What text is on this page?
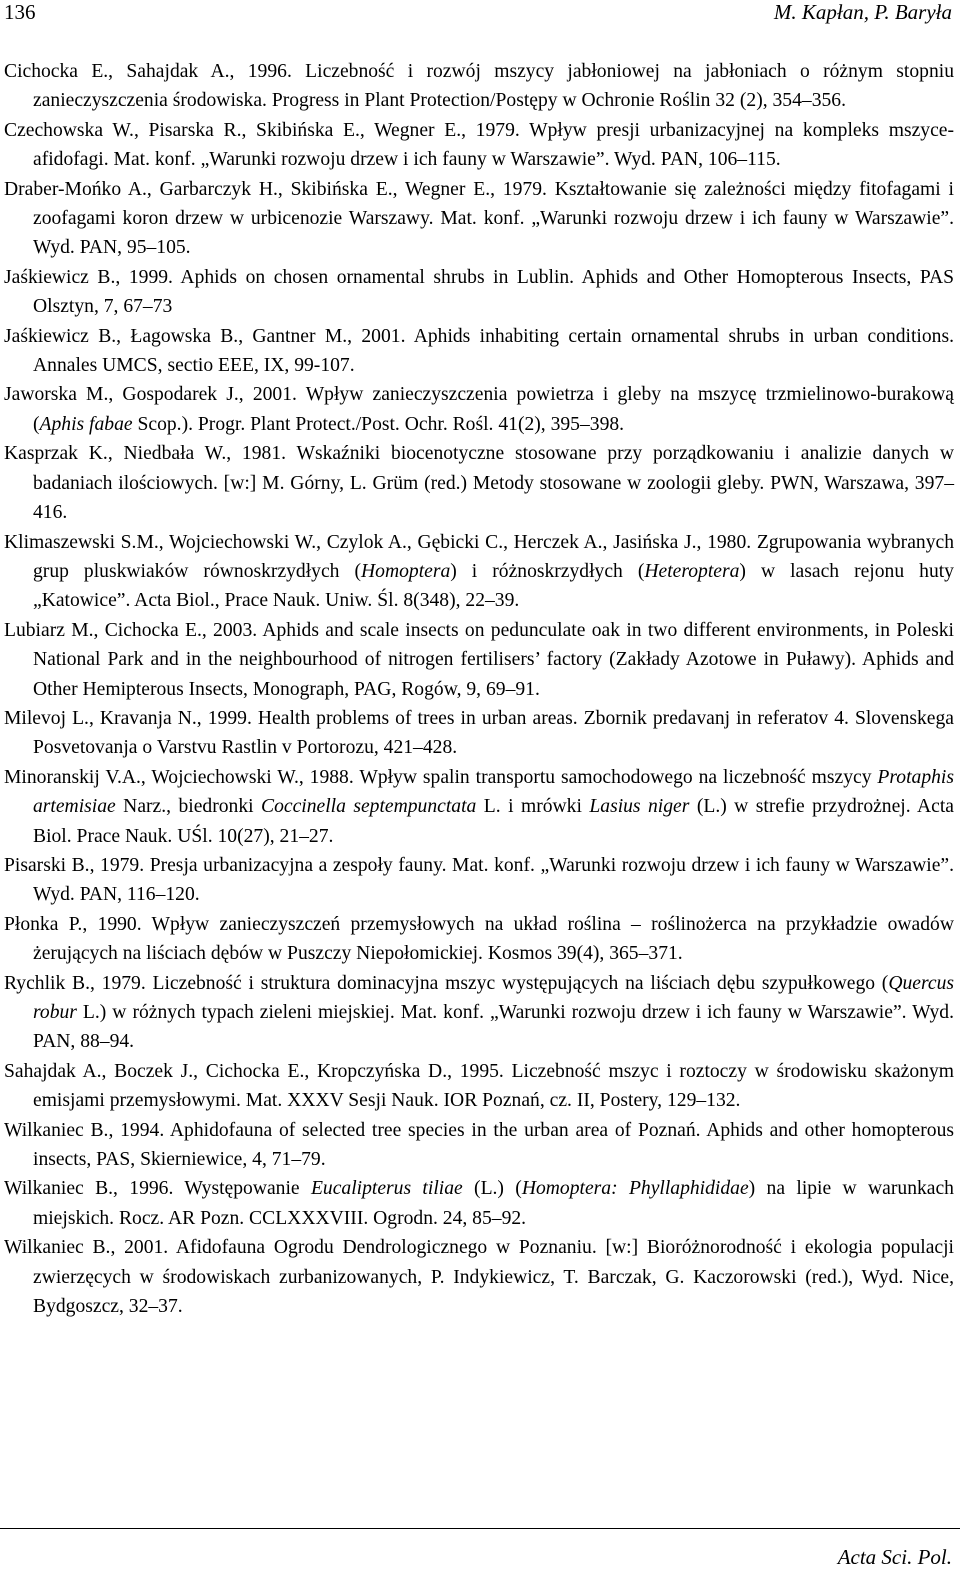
136	M. Kapłan, P. Baryła

Cichocka E., Sahajdak A., 1996. Liczebność i rozwój mszycy jabłoniowej na jabłoniach o różnym stopniu zanieczyszczenia środowiska. Progress in Plant Protection/Postępy w Ochronie Roślin 32 (2), 354–356.

Czechowska W., Pisarska R., Skibińska E., Wegner E., 1979. Wpływ presji urbanizacyjnej na kompleks mszyce-afidofagi. Mat. konf. „Warunki rozwoju drzew i ich fauny w Warszawie”. Wyd. PAN, 106–115.

Draber-Mońko A., Garbarczyk H., Skibińska E., Wegner E., 1979. Kształtowanie się zależności między fitofagami i zoofagami koron drzew w urbicenozie Warszawy. Mat. konf. „Warunki rozwoju drzew i ich fauny w Warszawie”. Wyd. PAN, 95–105.

Jaśkiewicz B., 1999. Aphids on chosen ornamental shrubs in Lublin. Aphids and Other Homopterous Insects, PAS Olsztyn, 7, 67–73

Jaśkiewicz B., Łagowska B., Gantner M., 2001. Aphids inhabiting certain ornamental shrubs in urban conditions. Annales UMCS, sectio EEE, IX, 99-107.

Jaworska M., Gospodarek J., 2001. Wpływ zanieczyszczenia powietrza i gleby na mszycę trzmielinowo-burakową (Aphis fabae Scop.). Progr. Plant Protect./Post. Ochr. Rośl. 41(2), 395–398.

Kasprzak K., Niedbała W., 1981. Wskaźniki biocenotyczne stosowane przy porządkowaniu i analizie danych w badaniach ilościowych. [w:] M. Górny, L. Grüm (red.) Metody stosowane w zoologii gleby. PWN, Warszawa, 397–416.

Klimaszewski S.M., Wojciechowski W., Czylok A., Gębicki C., Herczek A., Jasińska J., 1980. Zgrupowania wybranych grup pluskwiaków równoskrzydłych (Homoptera) i różnoskrzydłych (Heteroptera) w lasach rejonu huty „Katowice”. Acta Biol., Prace Nauk. Uniw. Śl. 8(348), 22–39.

Lubiarz M., Cichocka E., 2003. Aphids and scale insects on pedunculate oak in two different environments, in Poleski National Park and in the neighbourhood of nitrogen fertilisers’ factory (Zakłady Azotowe in Puławy). Aphids and Other Hemipterous Insects, Monograph, PAG, Rogów, 9, 69–91.

Milevoj L., Kravanja N., 1999. Health problems of trees in urban areas. Zbornik predavanj in referatov 4. Slovenskega Posvetovanja o Varstvu Rastlin v Portorozu, 421–428.

Minoranskij V.A., Wojciechowski W., 1988. Wpływ spalin transportu samochodowego na liczebność mszycy Protaphis artemisiae Narz., biedronki Coccinella septempunctata L. i mrówki Lasius niger (L.) w strefie przydrożnej. Acta Biol. Prace Nauk. UŚl. 10(27), 21–27.

Pisarski B., 1979. Presja urbanizacyjna a zespoły fauny. Mat. konf. „Warunki rozwoju drzew i ich fauny w Warszawie”. Wyd. PAN, 116–120.

Płonka P., 1990. Wpływ zanieczyszczeń przemysłowych na układ roślina – roślinożerca na przykładzie owadów żerujących na liściach dębów w Puszczy Niepołomickiej. Kosmos 39(4), 365–371.

Rychlik B., 1979. Liczebność i struktura dominacyjna mszyc występujących na liściach dębu szypułkowego (Quercus robur L.) w różnych typach zieleni miejskiej. Mat. konf. „Warunki rozwoju drzew i ich fauny w Warszawie”. Wyd. PAN, 88–94.

Sahajdak A., Boczek J., Cichocka E., Kropczyńska D., 1995. Liczebność mszyc i roztoczy w środowisku skażonym emisjami przemysłowymi. Mat. XXXV Sesji Nauk. IOR Poznań, cz. II, Postery, 129–132.

Wilkaniec B., 1994. Aphidofauna of selected tree species in the urban area of Poznań. Aphids and other homopterous insects, PAS, Skierniewice, 4, 71–79.

Wilkaniec B., 1996. Występowanie Eucalipterus tiliae (L.) (Homoptera: Phyllaphididae) na lipie w warunkach miejskich. Rocz. AR Pozn. CCLXXXVIII. Ogrodn. 24, 85–92.

Wilkaniec B., 2001. Afidofauna Ogrodu Dendrologicznego w Poznaniu. [w:] Bioróżnorodność i ekologia populacji zwierzęcych w środowiskach zurbanizowanych, P. Indykiewicz, T. Barczak, G. Kaczorowski (red.), Wyd. Nice, Bydgoszcz, 32–37.

Acta Sci. Pol.
